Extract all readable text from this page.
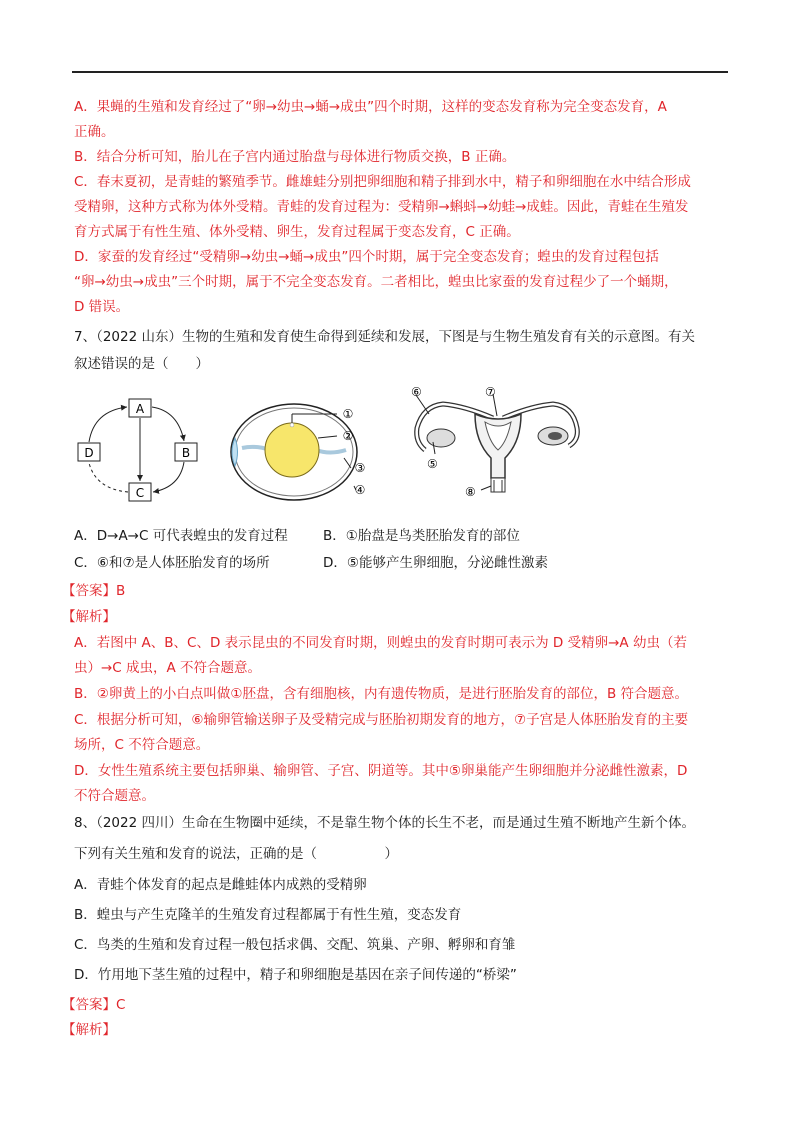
A．果蝇的生殖和发育经过了“卵→幼虫→蛹→成虫”四个时期，这样的变态发育称为完全变态发育，A
正确。
B．结合分析可知，胎儿在子宫内通过胎盘与母体进行物质交换，B 正确。
C．春末夏初，是青蛙的繁殖季节。雌雄蛙分别把卵细胞和精子排到水中，精子和卵细胞在水中结合形成
受精卵，这种方式称为体外受精。青蛙的发育过程为：受精卵→蝌蚪→幼蛙→成蛙。因此，青蛙在生殖发
育方式属于有性生殖、体外受精、卵生，发育过程属于变态发育，C 正确。
D．家蚕的发育经过“受精卵→幼虫→蛹→成虫”四个时期，属于完全变态发育；蝗虫的发育过程包括
“卵→幼虫→成虫”三个时期，属于不完全变态发育。二者相比，蝗虫比家蚕的发育过程少了一个蛹期，
D 错误。
7、（2022 山东）生物的生殖和发育使生命得到延续和发展，下图是与生物生殖发育有关的示意图。有关
叙述错误的是（　　）
A
B
C
D
①
②
③
④
⑥	⑦
⑤
⑧
A．D→A→C 可代表蝗虫的发育过程	B．①胎盘是鸟类胚胎发育的部位
C．⑥和⑦是人体胚胎发育的场所	D．⑤能够产生卵细胞，分泌雌性激素
【答案】B
【解析】
A．若图中 A、B、C、D 表示昆虫的不同发育时期，则蝗虫的发育时期可表示为 D 受精卵→A 幼虫（若
虫）→C 成虫，A 不符合题意。
B．②卵黄上的小白点叫做①胚盘，含有细胞核，内有遗传物质，是进行胚胎发育的部位，B 符合题意。
C．根据分析可知，⑥输卵管输送卵子及受精完成与胚胎初期发育的地方，⑦子宫是人体胚胎发育的主要
场所，C 不符合题意。
D．女性生殖系统主要包括卵巢、输卵管、子宫、阴道等。其中⑤卵巢能产生卵细胞并分泌雌性激素，D
不符合题意。
8、（2022 四川）生命在生物圈中延续，不是靠生物个体的长生不老，而是通过生殖不断地产生新个体。
下列有关生殖和发育的说法，正确的是（　　　　　）
A．青蛙个体发育的起点是雌蛙体内成熟的受精卵
B．蝗虫与产生克隆羊的生殖发育过程都属于有性生殖，变态发育
C．鸟类的生殖和发育过程一般包括求偶、交配、筑巢、产卵、孵卵和育雏
D．竹用地下茎生殖的过程中，精子和卵细胞是基因在亲子间传递的“桥梁”
【答案】C
【解析】
